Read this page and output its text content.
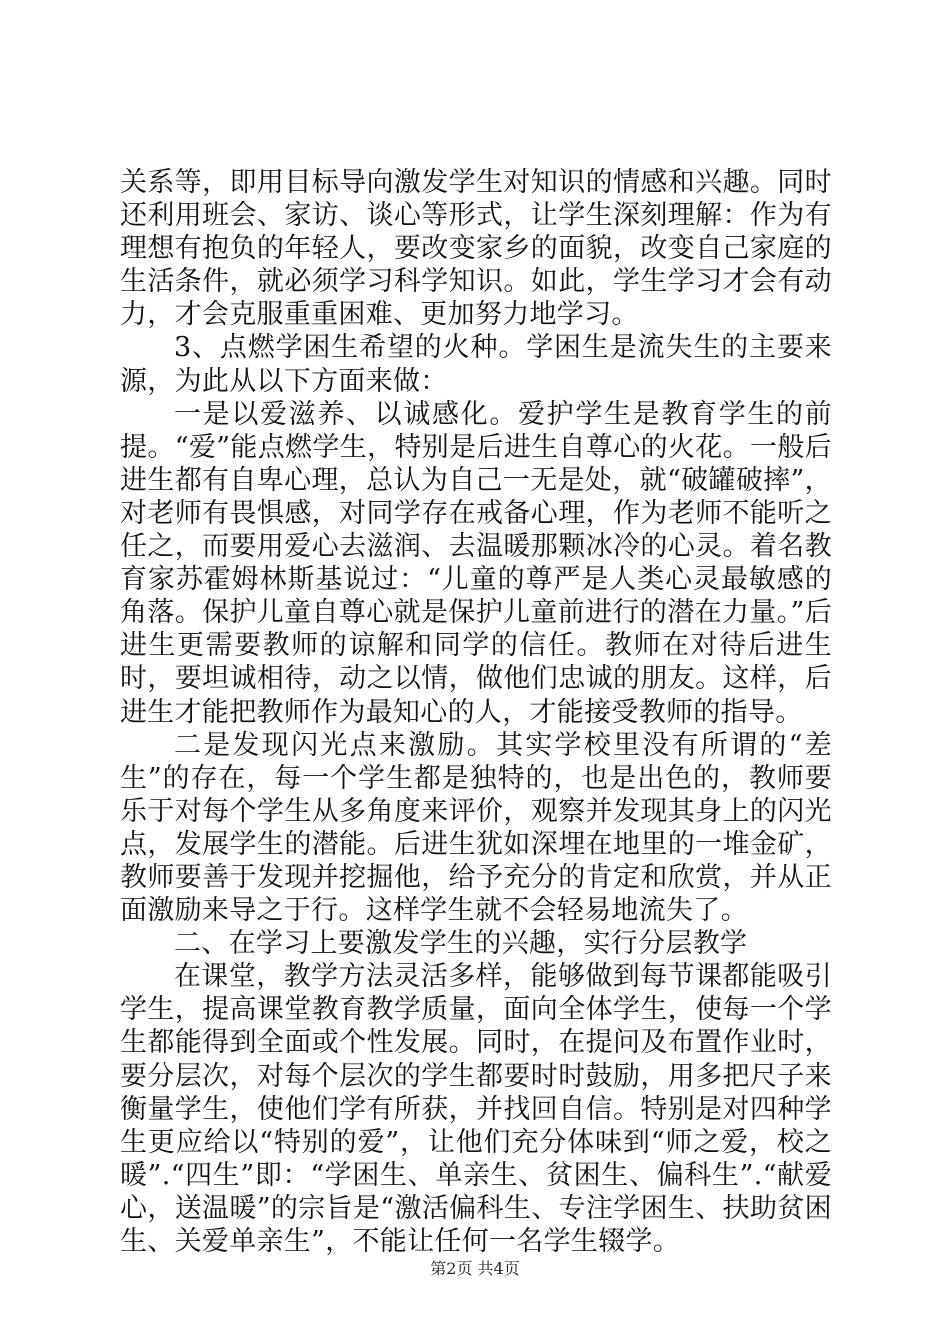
关系等，即用目标导向激发学生对知识的情感和兴趣。同时还利用班会、家访、谈心等形式，让学生深刻理解：作为有理想有抱负的年轻人，要改变家乡的面貌，改变自己家庭的生活条件，就必须学习科学知识。如此，学生学习才会有动力，才会克服重重困难、更加努力地学习。

3、点燃学困生希望的火种。学困生是流失生的主要来源，为此从以下方面来做：

一是以爱滋养、以诚感化。爱护学生是教育学生的前提。“爱”能点燃学生，特别是后进生自尊心的火花。一般后进生都有自卑心理，总认为自己一无是处，就“破罐破摔”，对老师有畏惧感，对同学存在戒备心理，作为老师不能听之任之，而要用爱心去滋润、去温暖那颗冰冷的心灵。着名教育家苏霍姆林斯基说过：“儿童的尊严是人类心灵最敏感的角落。保护儿童自尊心就是保护儿童前进行的潜在力量。”后进生更需要教师的谅解和同学的信任。教师在对待后进生时，要坦诚相待，动之以情，做他们忠诚的朋友。这样，后进生才能把教师作为最知心的人，才能接受教师的指导。

二是发现闪光点来激励。其实学校里没有所谓的“差生”的存在，每一个学生都是独特的，也是出色的，教师要乐于对每个学生从多角度来评价，观察并发现其身上的闪光点，发展学生的潜能。后进生犹如深埋在地里的一堆金矿，教师要善于发现并挖掘他，给予充分的肯定和欣赏，并从正面激励来导之于行。这样学生就不会轻易地流失了。

二、在学习上要激发学生的兴趣，实行分层教学

在课堂，教学方法灵活多样，能够做到每节课都能吸引学生，提高课堂教育教学质量，面向全体学生，使每一个学生都能得到全面或个性发展。同时，在提问及布置作业时，要分层次，对每个层次的学生都要时时鼓励，用多把尺子来衡量学生，使他们学有所获，并找回自信。特别是对四种学生更应给以“特别的爱”，让他们充分体味到“师之爱，校之暖”.“四生”即：“学困生、单亲生、贫困生、偏科生”.“献爱心，送温暖”的宗旨是“激活偏科生、专注学困生、扶助贫困生、关爱单亲生”，不能让任何一名学生辍学。

第2页 共4页
